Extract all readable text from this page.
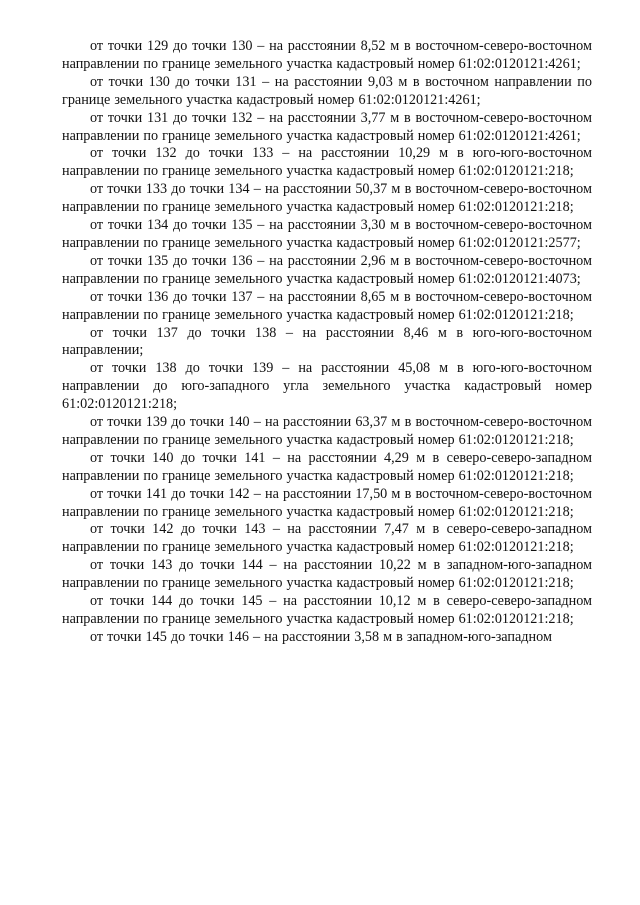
от точки 129 до точки 130 – на расстоянии 8,52 м в восточном-северо-восточном направлении по границе земельного участка кадастровый номер 61:02:0120121:4261;

от точки 130 до точки 131 – на расстоянии 9,03 м в восточном направлении по границе земельного участка кадастровый номер 61:02:0120121:4261;

от точки 131 до точки 132 – на расстоянии 3,77 м в восточном-северо-восточном направлении по границе земельного участка кадастровый номер 61:02:0120121:4261;

от точки 132 до точки 133 – на расстоянии 10,29 м в юго-юго-восточном направлении по границе земельного участка кадастровый номер 61:02:0120121:218;

от точки 133 до точки 134 – на расстоянии 50,37 м в восточном-северо-восточном направлении по границе земельного участка кадастровый номер 61:02:0120121:218;

от точки 134 до точки 135 – на расстоянии 3,30 м в восточном-северо-восточном направлении по границе земельного участка кадастровый номер 61:02:0120121:2577;

от точки 135 до точки 136 – на расстоянии 2,96 м в восточном-северо-восточном направлении по границе земельного участка кадастровый номер 61:02:0120121:4073;

от точки 136 до точки 137 – на расстоянии 8,65 м в восточном-северо-восточном направлении по границе земельного участка кадастровый номер 61:02:0120121:218;

от точки 137 до точки 138 – на расстоянии 8,46 м в юго-юго-восточном направлении;

от точки 138 до точки 139 – на расстоянии 45,08 м в юго-юго-восточном направлении до юго-западного угла земельного участка кадастровый номер 61:02:0120121:218;

от точки 139 до точки 140 – на расстоянии 63,37 м в восточном-северо-восточном направлении по границе земельного участка кадастровый номер 61:02:0120121:218;

от точки 140 до точки 141 – на расстоянии 4,29 м в северо-северо-западном направлении по границе земельного участка кадастровый номер 61:02:0120121:218;

от точки 141 до точки 142 – на расстоянии 17,50 м в восточном-северо-восточном направлении по границе земельного участка кадастровый номер 61:02:0120121:218;

от точки 142 до точки 143 – на расстоянии 7,47 м в северо-северо-западном направлении по границе земельного участка кадастровый номер 61:02:0120121:218;

от точки 143 до точки 144 – на расстоянии 10,22 м в западном-юго-западном направлении по границе земельного участка кадастровый номер 61:02:0120121:218;

от точки 144 до точки 145 – на расстоянии 10,12 м в северо-северо-западном направлении по границе земельного участка кадастровый номер 61:02:0120121:218;

от точки 145 до точки 146 – на расстоянии 3,58 м в западном-юго-западном
